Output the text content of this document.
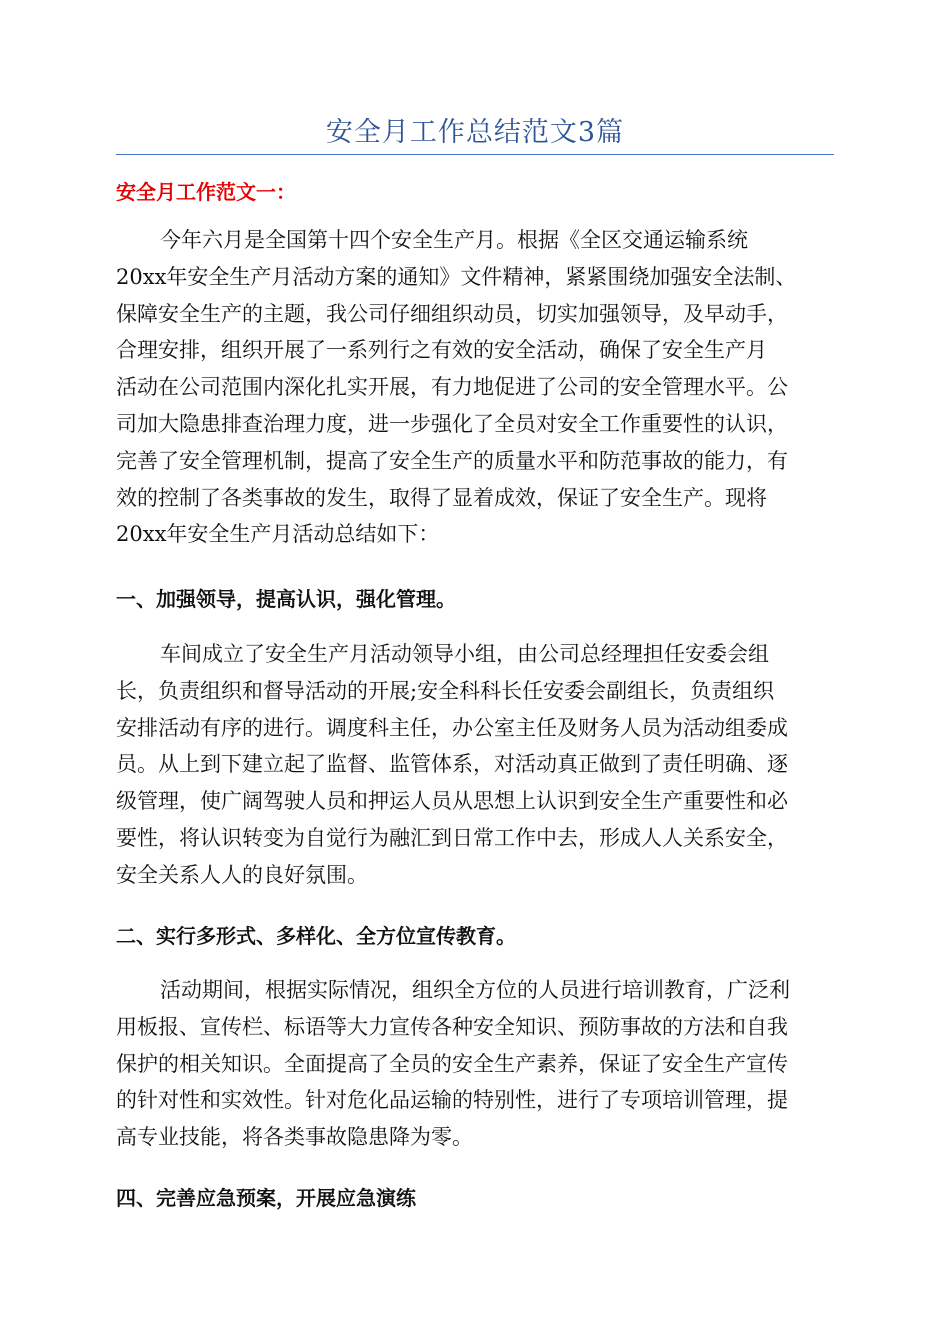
安全月工作总结范文3篇
安全月工作范文一：
今年六月是全国第十四个安全生产月。根据《全区交通运输系统
20xx年安全生产月活动方案的通知》文件精神，紧紧围绕加强安全法制、
保障安全生产的主题，我公司仔细组织动员，切实加强领导，及早动手，
合理安排，组织开展了一系列行之有效的安全活动，确保了安全生产月
活动在公司范围内深化扎实开展，有力地促进了公司的安全管理水平。公
司加大隐患排查治理力度，进一步强化了全员对安全工作重要性的认识，
完善了安全管理机制，提高了安全生产的质量水平和防范事故的能力，有
效的控制了各类事故的发生，取得了显着成效，保证了安全生产。现将
20xx年安全生产月活动总结如下：
一、加强领导，提高认识，强化管理。
车间成立了安全生产月活动领导小组，由公司总经理担任安委会组
长，负责组织和督导活动的开展;安全科科长任安委会副组长，负责组织
安排活动有序的进行。调度科主任，办公室主任及财务人员为活动组委成
员。从上到下建立起了监督、监管体系，对活动真正做到了责任明确、逐
级管理，使广阔驾驶人员和押运人员从思想上认识到安全生产重要性和必
要性，将认识转变为自觉行为融汇到日常工作中去，形成人人关系安全，
安全关系人人的良好氛围。
二、实行多形式、多样化、全方位宣传教育。
活动期间，根据实际情况，组织全方位的人员进行培训教育，广泛利
用板报、宣传栏、标语等大力宣传各种安全知识、预防事故的方法和自我
保护的相关知识。全面提高了全员的安全生产素养，保证了安全生产宣传
的针对性和实效性。针对危化品运输的特别性，进行了专项培训管理，提
高专业技能，将各类事故隐患降为零。
四、完善应急预案，开展应急演练
